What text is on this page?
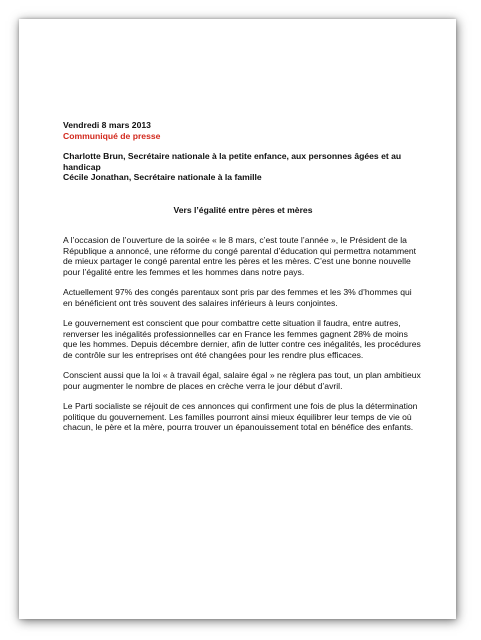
Vendredi 8 mars 2013
Communiqué de presse
Charlotte Brun, Secrétaire nationale à la petite enfance, aux personnes âgées et au handicap
Cécile Jonathan, Secrétaire nationale à la famille
Vers l’égalité entre pères et mères

A l’occasion de l’ouverture de la soirée « le 8 mars, c’est toute l’année », le Président de la République a annoncé, une réforme du congé parental d’éducation qui permettra notamment de mieux partager le congé parental entre les pères et les mères. C’est une bonne nouvelle pour l’égalité entre les femmes et les hommes dans notre pays.

Actuellement 97% des congés parentaux sont pris par des femmes et les 3% d’hommes qui en bénéficient ont très souvent des salaires inférieurs à leurs conjointes.

Le gouvernement est conscient que pour combattre cette situation il faudra, entre autres, renverser les inégalités professionnelles car en France les femmes gagnent 28% de moins que les hommes. Depuis décembre dernier, afin de lutter contre ces inégalités, les procédures de contrôle sur les entreprises ont été changées pour les rendre plus efficaces.

Conscient aussi que la loi « à travail égal, salaire égal » ne règlera pas tout, un plan ambitieux pour augmenter le nombre de places en crèche verra le jour début d’avril.

Le Parti socialiste se réjouit de ces annonces qui confirment une fois de plus la détermination politique du gouvernement. Les familles pourront ainsi mieux équilibrer leur temps de vie où chacun, le père et la mère, pourra trouver un épanouissement total en bénéfice des enfants.
